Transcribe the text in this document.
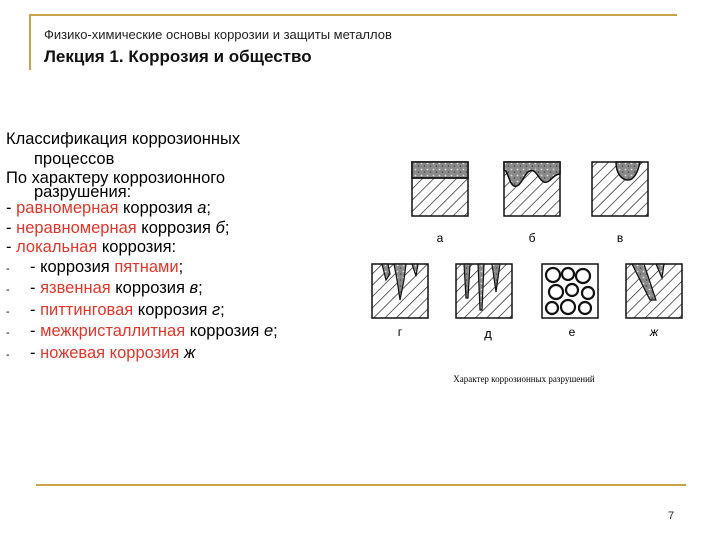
Физико-химические основы коррозии и защиты металлов
Лекция 1. Коррозия и общество
Классификация коррозионных
процессов
По характеру коррозионного
разрушения:
- равномерная коррозия а;
- неравномерная коррозия б;
- локальная коррозия:
- - коррозия пятнами;
- - язвенная коррозия в;
- - питтинговая коррозия г;
- - межкристаллитная коррозия е;
- - ножевая коррозия ж
а	б	в
г	д	е	ж
Характер коррозионных разрушений
7
